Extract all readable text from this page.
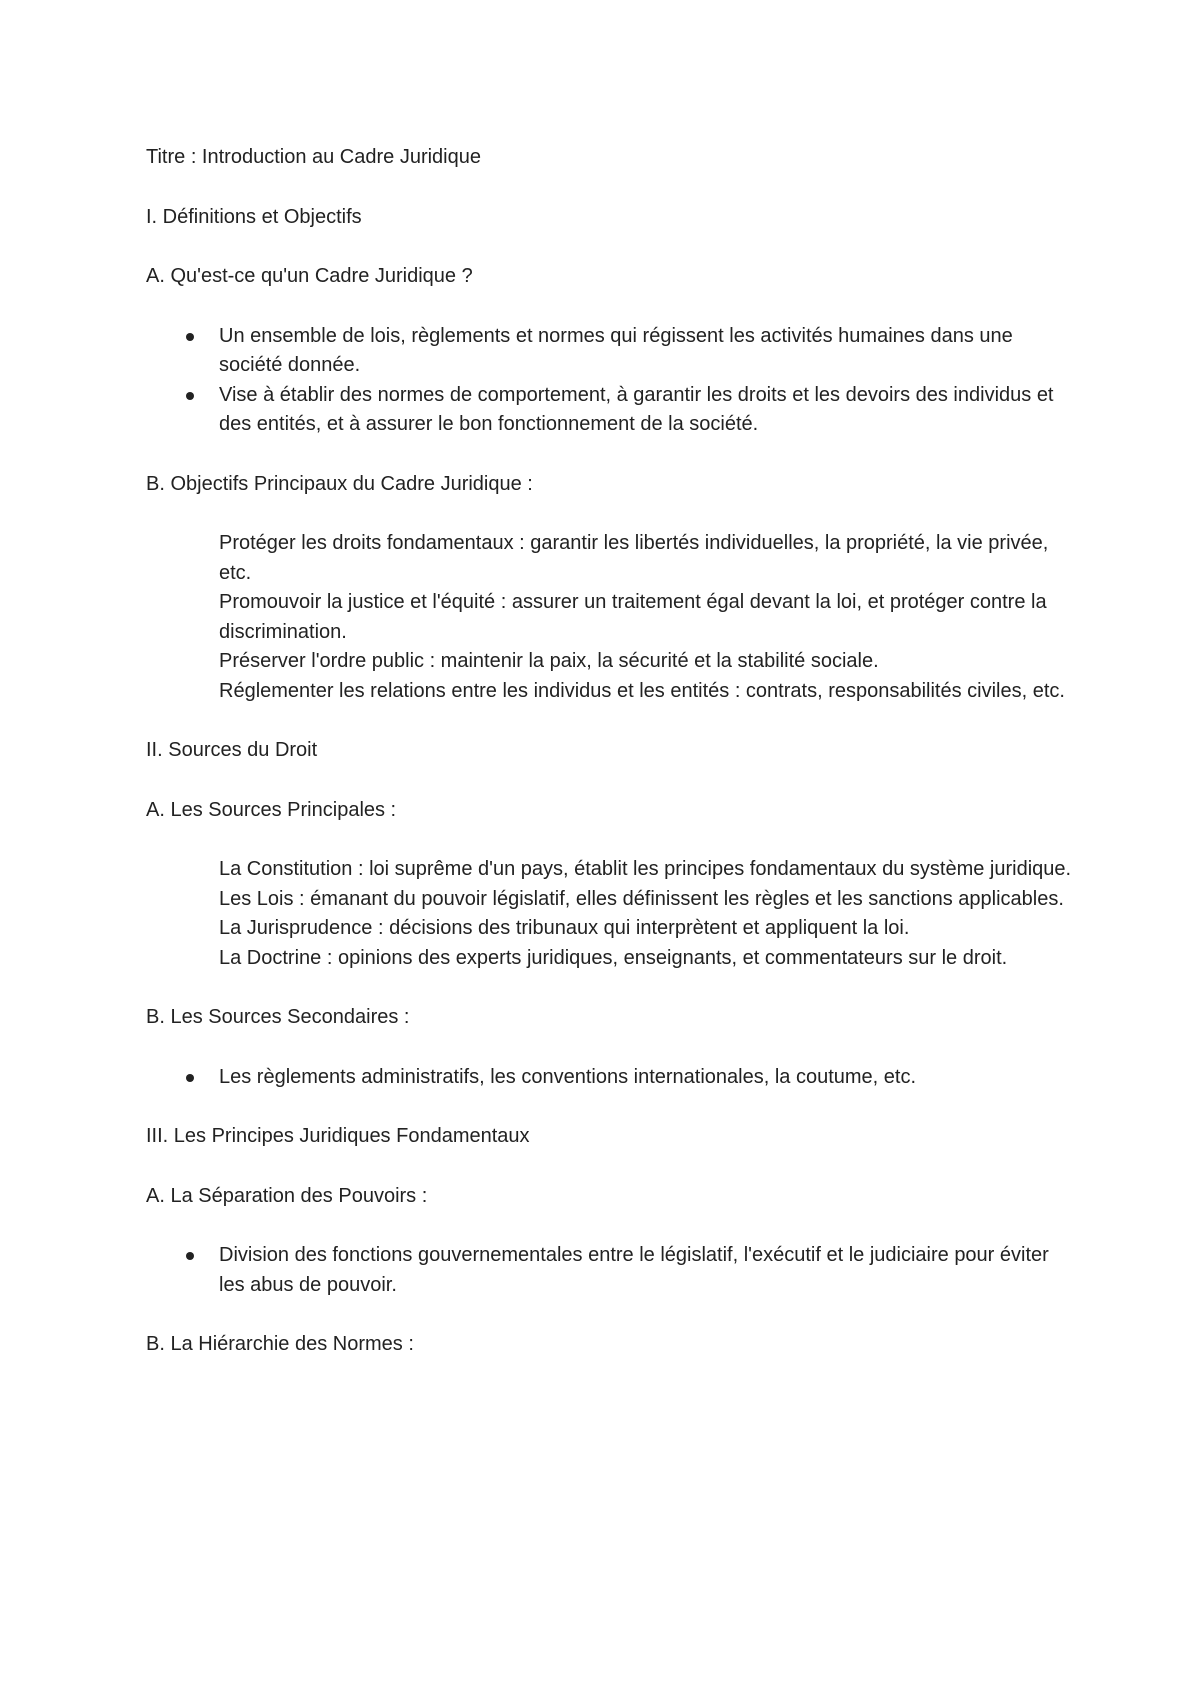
Titre : Introduction au Cadre Juridique

I. Définitions et Objectifs

A. Qu'est-ce qu'un Cadre Juridique ?

Un ensemble de lois, règlements et normes qui régissent les activités humaines dans une société donnée.
Vise à établir des normes de comportement, à garantir les droits et les devoirs des individus et des entités, et à assurer le bon fonctionnement de la société.

B. Objectifs Principaux du Cadre Juridique :

Protéger les droits fondamentaux : garantir les libertés individuelles, la propriété, la vie privée, etc.

Promouvoir la justice et l'équité : assurer un traitement égal devant la loi, et protéger contre la discrimination.

Préserver l'ordre public : maintenir la paix, la sécurité et la stabilité sociale.

Réglementer les relations entre les individus et les entités : contrats, responsabilités civiles, etc.

II. Sources du Droit

A. Les Sources Principales :

La Constitution : loi suprême d'un pays, établit les principes fondamentaux du système juridique.

Les Lois : émanant du pouvoir législatif, elles définissent les règles et les sanctions applicables.

La Jurisprudence : décisions des tribunaux qui interprètent et appliquent la loi.

La Doctrine : opinions des experts juridiques, enseignants, et commentateurs sur le droit.

B. Les Sources Secondaires :

Les règlements administratifs, les conventions internationales, la coutume, etc.

III. Les Principes Juridiques Fondamentaux

A. La Séparation des Pouvoirs :

Division des fonctions gouvernementales entre le législatif, l'exécutif et le judiciaire pour éviter les abus de pouvoir.

B. La Hiérarchie des Normes :
